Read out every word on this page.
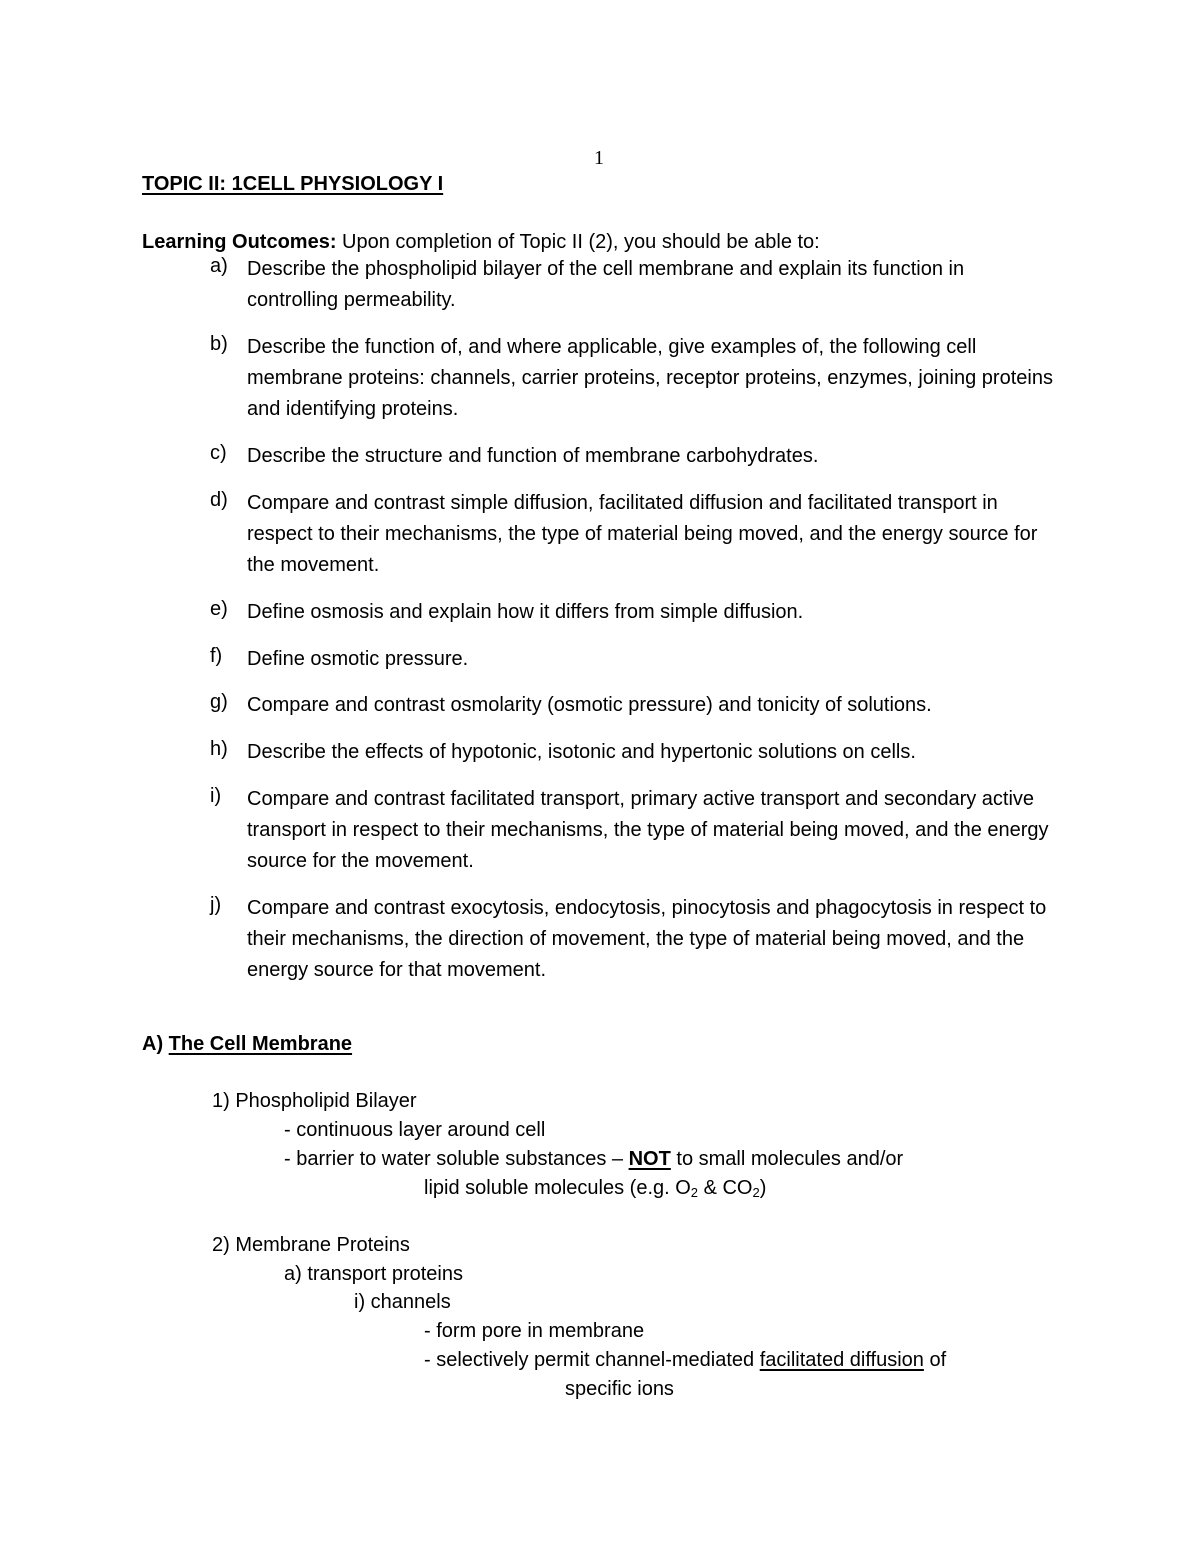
1
TOPIC II: 1CELL PHYSIOLOGY I
Learning Outcomes: Upon completion of Topic II (2), you should be able to:
a) Describe the phospholipid bilayer of the cell membrane and explain its function in controlling permeability.
b) Describe the function of, and where applicable, give examples of, the following cell membrane proteins: channels, carrier proteins, receptor proteins, enzymes, joining proteins and identifying proteins.
c)	Describe the structure and function of membrane carbohydrates.
d) Compare and contrast simple diffusion, facilitated diffusion and facilitated transport in respect to their mechanisms, the type of material being moved, and the energy source for the movement.
e) Define osmosis and explain how it differs from simple diffusion.
f)	Define osmotic pressure.
g) Compare and contrast osmolarity (osmotic pressure) and tonicity of solutions.
h) Describe the effects of hypotonic, isotonic and hypertonic solutions on cells.
i)	Compare and contrast facilitated transport, primary active transport and secondary active transport in respect to their mechanisms, the type of material being moved, and the energy source for the movement.
j)	Compare and contrast exocytosis, endocytosis, pinocytosis and phagocytosis in respect to their mechanisms, the direction of movement, the type of material being moved, and the energy source for that movement.
A) The Cell Membrane
1) Phospholipid Bilayer
- continuous layer around cell
- barrier to water soluble substances – NOT to small molecules and/or
lipid soluble molecules (e.g. $O_2$ & $CO_2$)
2) Membrane Proteins
a) transport proteins
i) channels
- form pore in membrane
- selectively permit channel-mediated facilitated diffusion of
specific ions
